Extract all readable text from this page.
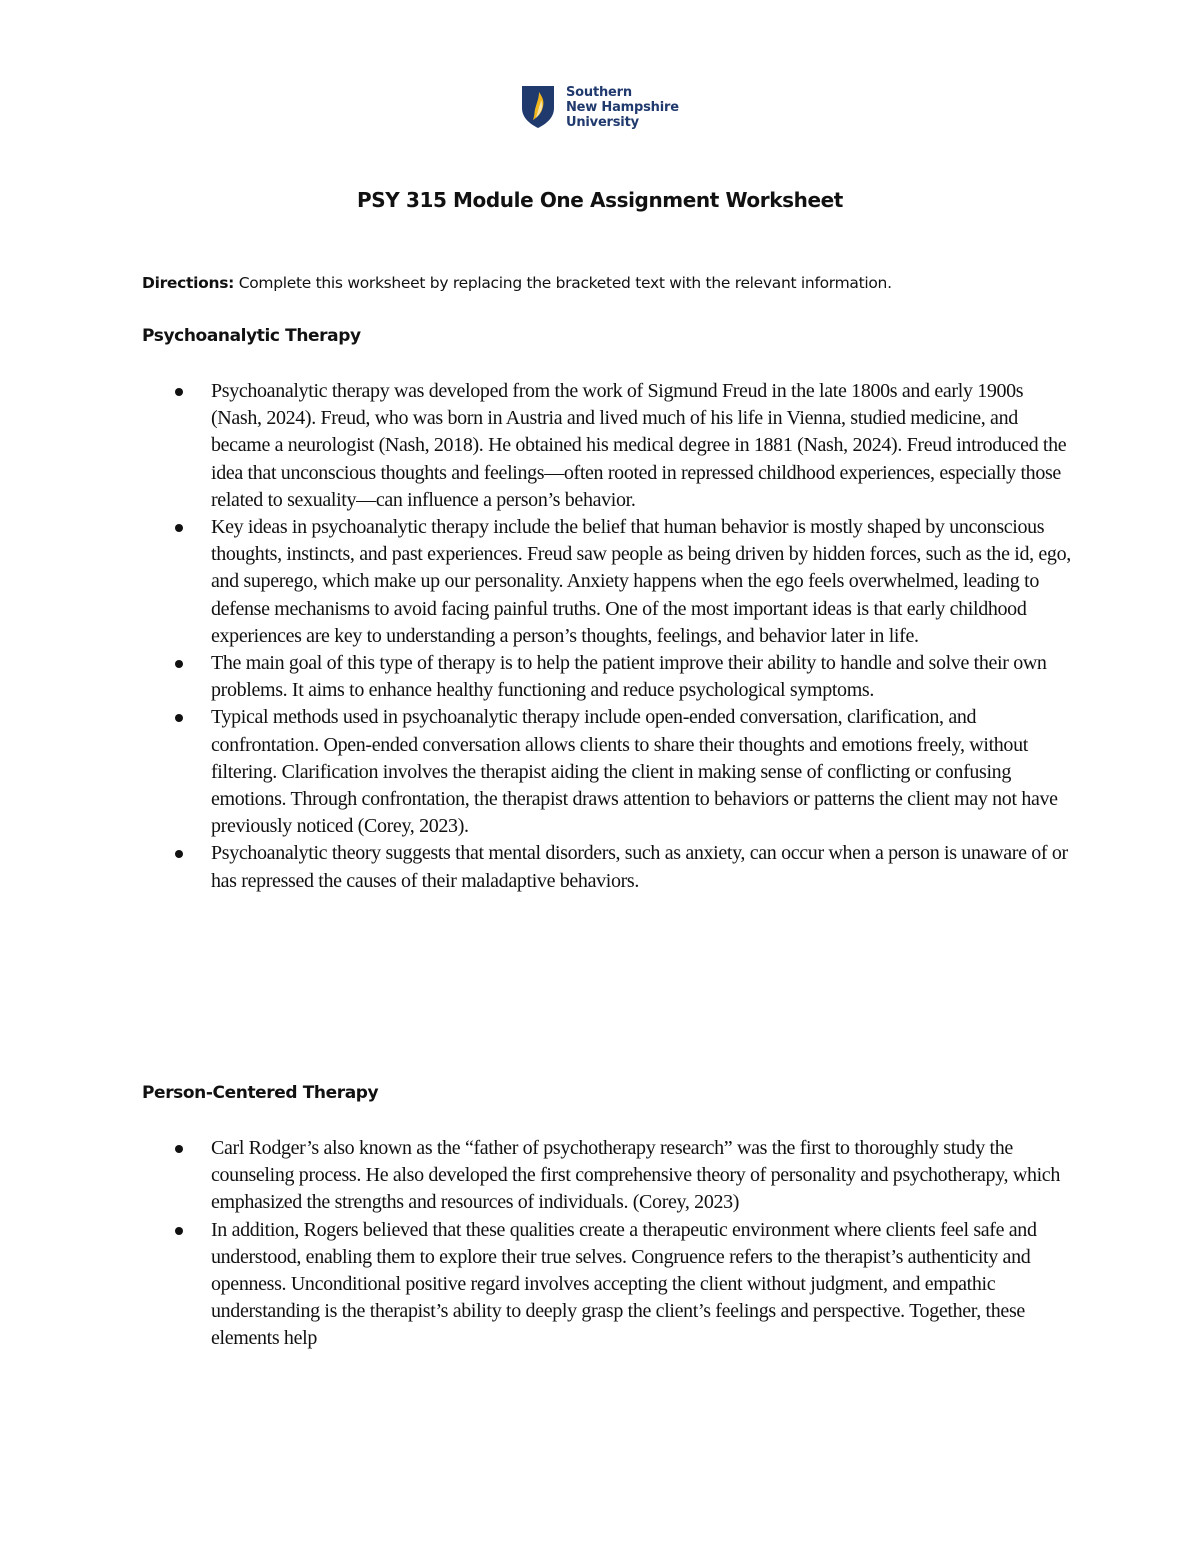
Southern
New Hampshire
University
PSY 315 Module One Assignment Worksheet
Directions: Complete this worksheet by replacing the bracketed text with the relevant information.
Psychoanalytic Therapy
Psychoanalytic therapy was developed from the work of Sigmund Freud in the late 1800s and early 1900s (Nash, 2024). Freud, who was born in Austria and lived much of his life in Vienna, studied medicine, and became a neurologist (Nash, 2018). He obtained his medical degree in 1881 (Nash, 2024). Freud introduced the idea that unconscious thoughts and feelings—often rooted in repressed childhood experiences, especially those related to sexuality—can influence a person’s behavior.
Key ideas in psychoanalytic therapy include the belief that human behavior is mostly shaped by unconscious thoughts, instincts, and past experiences. Freud saw people as being driven by hidden forces, such as the id, ego, and superego, which make up our personality. Anxiety happens when the ego feels overwhelmed, leading to defense mechanisms to avoid facing painful truths. One of the most important ideas is that early childhood experiences are key to understanding a person’s thoughts, feelings, and behavior later in life.
The main goal of this type of therapy is to help the patient improve their ability to handle and solve their own problems. It aims to enhance healthy functioning and reduce psychological symptoms.
Typical methods used in psychoanalytic therapy include open-ended conversation, clarification, and confrontation. Open-ended conversation allows clients to share their thoughts and emotions freely, without filtering. Clarification involves the therapist aiding the client in making sense of conflicting or confusing emotions. Through confrontation, the therapist draws attention to behaviors or patterns the client may not have previously noticed (Corey, 2023).
Psychoanalytic theory suggests that mental disorders, such as anxiety, can occur when a person is unaware of or has repressed the causes of their maladaptive behaviors.
Person-Centered Therapy
Carl Rodger’s also known as the “father of psychotherapy research” was the first to thoroughly study the counseling process. He also developed the first comprehensive theory of personality and psychotherapy, which emphasized the strengths and resources of individuals. (Corey, 2023)
In addition, Rogers believed that these qualities create a therapeutic environment where clients feel safe and understood, enabling them to explore their true selves. Congruence refers to the therapist’s authenticity and openness. Unconditional positive regard involves accepting the client without judgment, and empathic understanding is the therapist’s ability to deeply grasp the client’s feelings and perspective. Together, these elements help
